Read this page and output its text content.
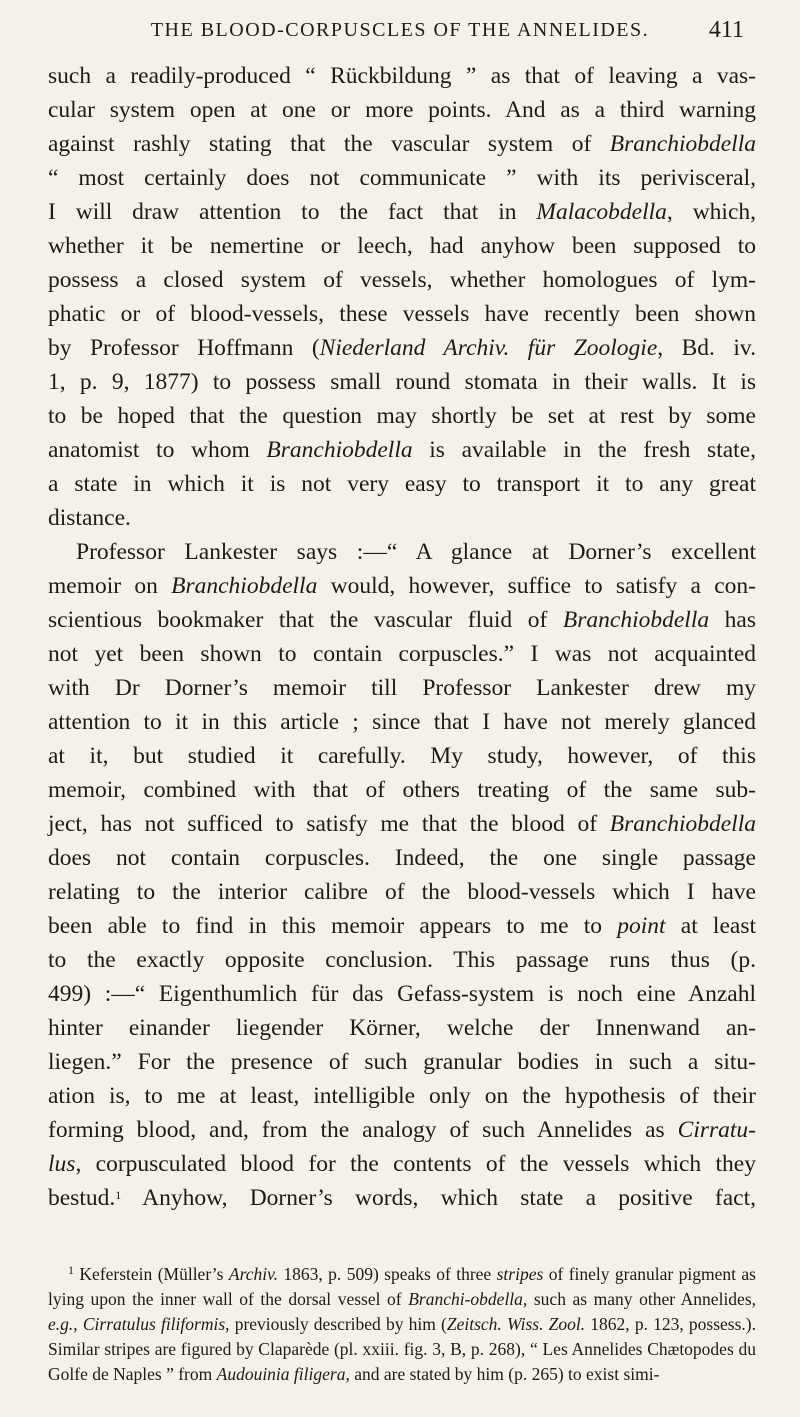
THE BLOOD-CORPUSCLES OF THE ANNELIDES.	411

such a readily-produced “ Rückbildung ” as that of leaving a vas-

cular system open at one or more points. And as a third warning

against rashly stating that the vascular system of Branchiobdella

“ most certainly does not communicate ” with its perivisceral,

I will draw attention to the fact that in Malacobdella, which,

whether it be nemertine or leech, had anyhow been supposed to

possess a closed system of vessels, whether homologues of lym-

phatic or of blood-vessels, these vessels have recently been shown

by Professor Hoffmann (Niederland Archiv. für Zoologie, Bd. iv.

1, p. 9, 1877) to possess small round stomata in their walls. It is

to be hoped that the question may shortly be set at rest by some

anatomist to whom Branchiobdella is available in the fresh state,

a state in which it is not very easy to transport it to any great

distance.

Professor Lankester says :—“ A glance at Dorner’s excellent

memoir on Branchiobdella would, however, suffice to satisfy a con-

scientious bookmaker that the vascular fluid of Branchiobdella has

not yet been shown to contain corpuscles.” I was not acquainted

with Dr Dorner’s memoir till Professor Lankester drew my

attention to it in this article ; since that I have not merely glanced

at it, but studied it carefully. My study, however, of this

memoir, combined with that of others treating of the same sub-

ject, has not sufficed to satisfy me that the blood of Branchiobdella

does not contain corpuscles. Indeed, the one single passage

relating to the interior calibre of the blood-vessels which I have

been able to find in this memoir appears to me to point at least

to the exactly opposite conclusion. This passage runs thus (p.

499) :—“ Eigenthumlich für das Gefass-system is noch eine Anzahl

hinter einander liegender Körner, welche der Innenwand an-

liegen.” For the presence of such granular bodies in such a situ-

ation is, to me at least, intelligible only on the hypothesis of their

forming blood, and, from the analogy of such Annelides as Cirratu-

lus, corpusculated blood for the contents of the vessels which they

bestud.$^1$ Anyhow, Dorner’s words, which state a positive fact,

$^1$ Keferstein (Müller’s Archiv. 1863, p. 509) speaks of three stripes of finely granular pigment as lying upon the inner wall of the dorsal vessel of Branchi-obdella, such as many other Annelides, e.g., Cirratulus filiformis, previously described by him (Zeitsch. Wiss. Zool. 1862, p. 123, possess.). Similar stripes are figured by Claparède (pl. xxiii. fig. 3, B, p. 268), “ Les Annelides Chætopodes du Golfe de Naples ” from Audouinia filigera, and are stated by him (p. 265) to exist simi-
